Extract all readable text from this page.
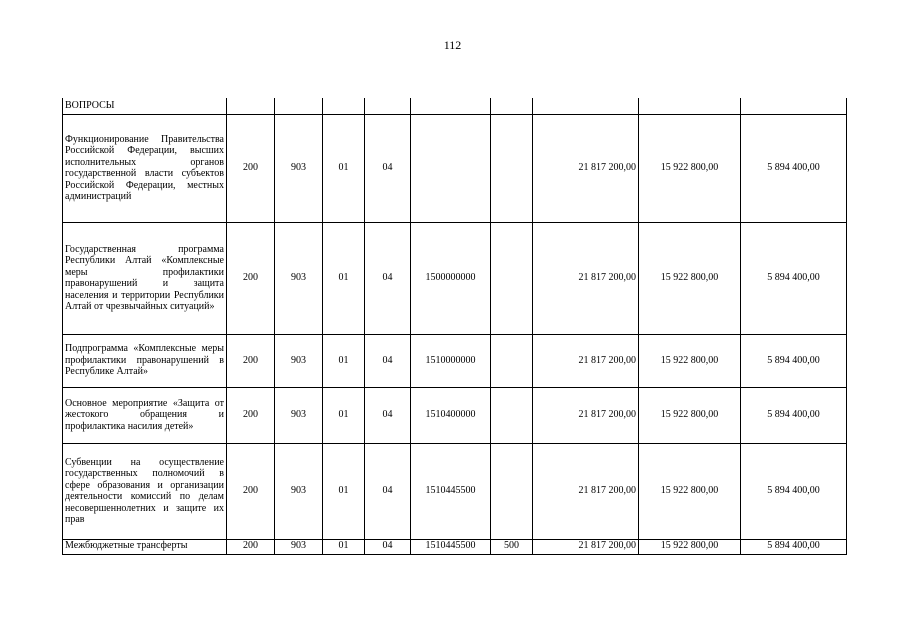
112
ВОПРОСЫ									
Функционирование Правительства Российской Федерации, высших исполнительных органов государственной власти субъектов Российской Федерации, местных администраций	200	903	01	04			21 817 200,00	15 922 800,00	5 894 400,00
Государственная программа Республики Алтай «Комплексные меры профилактики правонарушений и защита населения и территории Республики Алтай от чрезвычайных ситуаций»	200	903	01	04	1500000000		21 817 200,00	15 922 800,00	5 894 400,00
Подпрограмма «Комплексные меры профилактики правонарушений в Республике Алтай»	200	903	01	04	1510000000		21 817 200,00	15 922 800,00	5 894 400,00
Основное мероприятие «Защита от жестокого обращения и профилактика насилия детей»	200	903	01	04	1510400000		21 817 200,00	15 922 800,00	5 894 400,00
Субвенции на осуществление государственных полномочий в сфере образования и организации деятельности комиссий по делам несовершеннолетних и защите их прав	200	903	01	04	1510445500		21 817 200,00	15 922 800,00	5 894 400,00
Межбюджетные трансферты	200	903	01	04	1510445500	500	21 817 200,00	15 922 800,00	5 894 400,00
